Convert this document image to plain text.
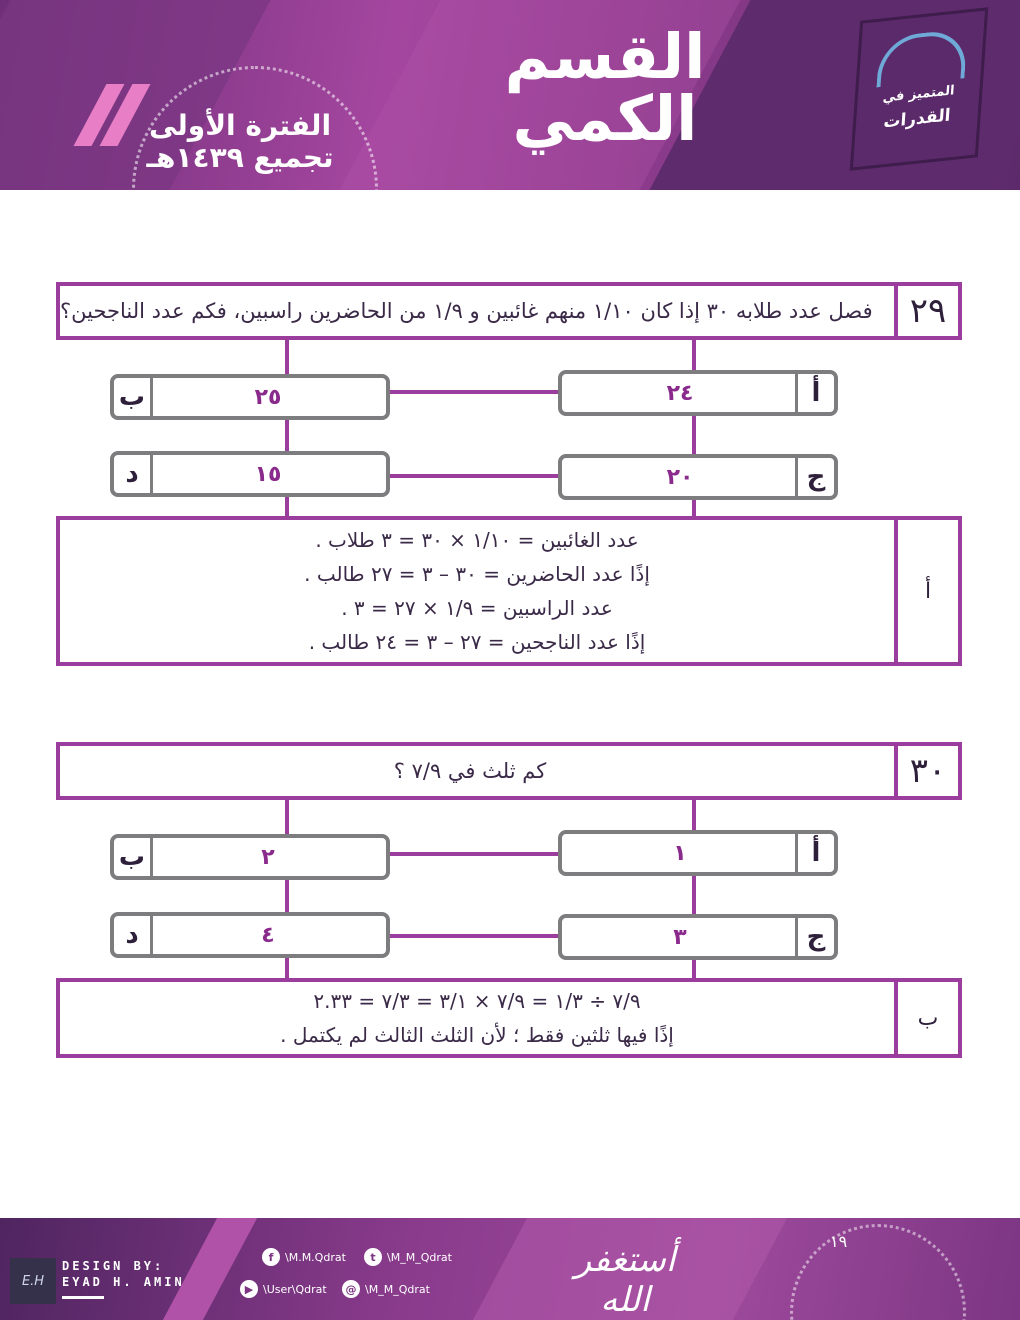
الفترة الأولى
تجميع ١٤٣٩هـ
القسم
الكمي	المتميز في
القدرات
٢٩
فصل عدد طلابه ٣٠ إذا كان ١/١٠ منهم غائبين و ١/٩ من الحاضرين راسبين، فكم عدد الناجحين؟
أ
٢٤
ب	٢٥
ج
٢٠
د	١٥
أ
عدد الغائبين = ١/١٠ × ٣٠ = ٣ طلاب .
إذًا عدد الحاضرين = ٣٠ – ٣ = ٢٧ طالب .
عدد الراسبين = ١/٩ × ٢٧ = ٣ .
إذًا عدد الناجحين = ٢٧ – ٣ = ٢٤ طالب .
٣٠
كم ثلث في ٧/٩ ؟
أ
١
ب	٢
ج
٣
د	٤
ب
٧/٩ ÷ ١/٣ = ٧/٩ × ٣/١ = ٧/٣ = ٢.٣٣
إذًا فيها ثلثين فقط ؛ لأن الثلث الثالث لم يكتمل .
E.H
DESIGN BY:
EYAD H. AMIN
f	\M.M.Qdrat	t	\M_M_Qdrat
▶ \User\Qdrat	@ \M_M_Qdrat
أستغفر الله
١٩
